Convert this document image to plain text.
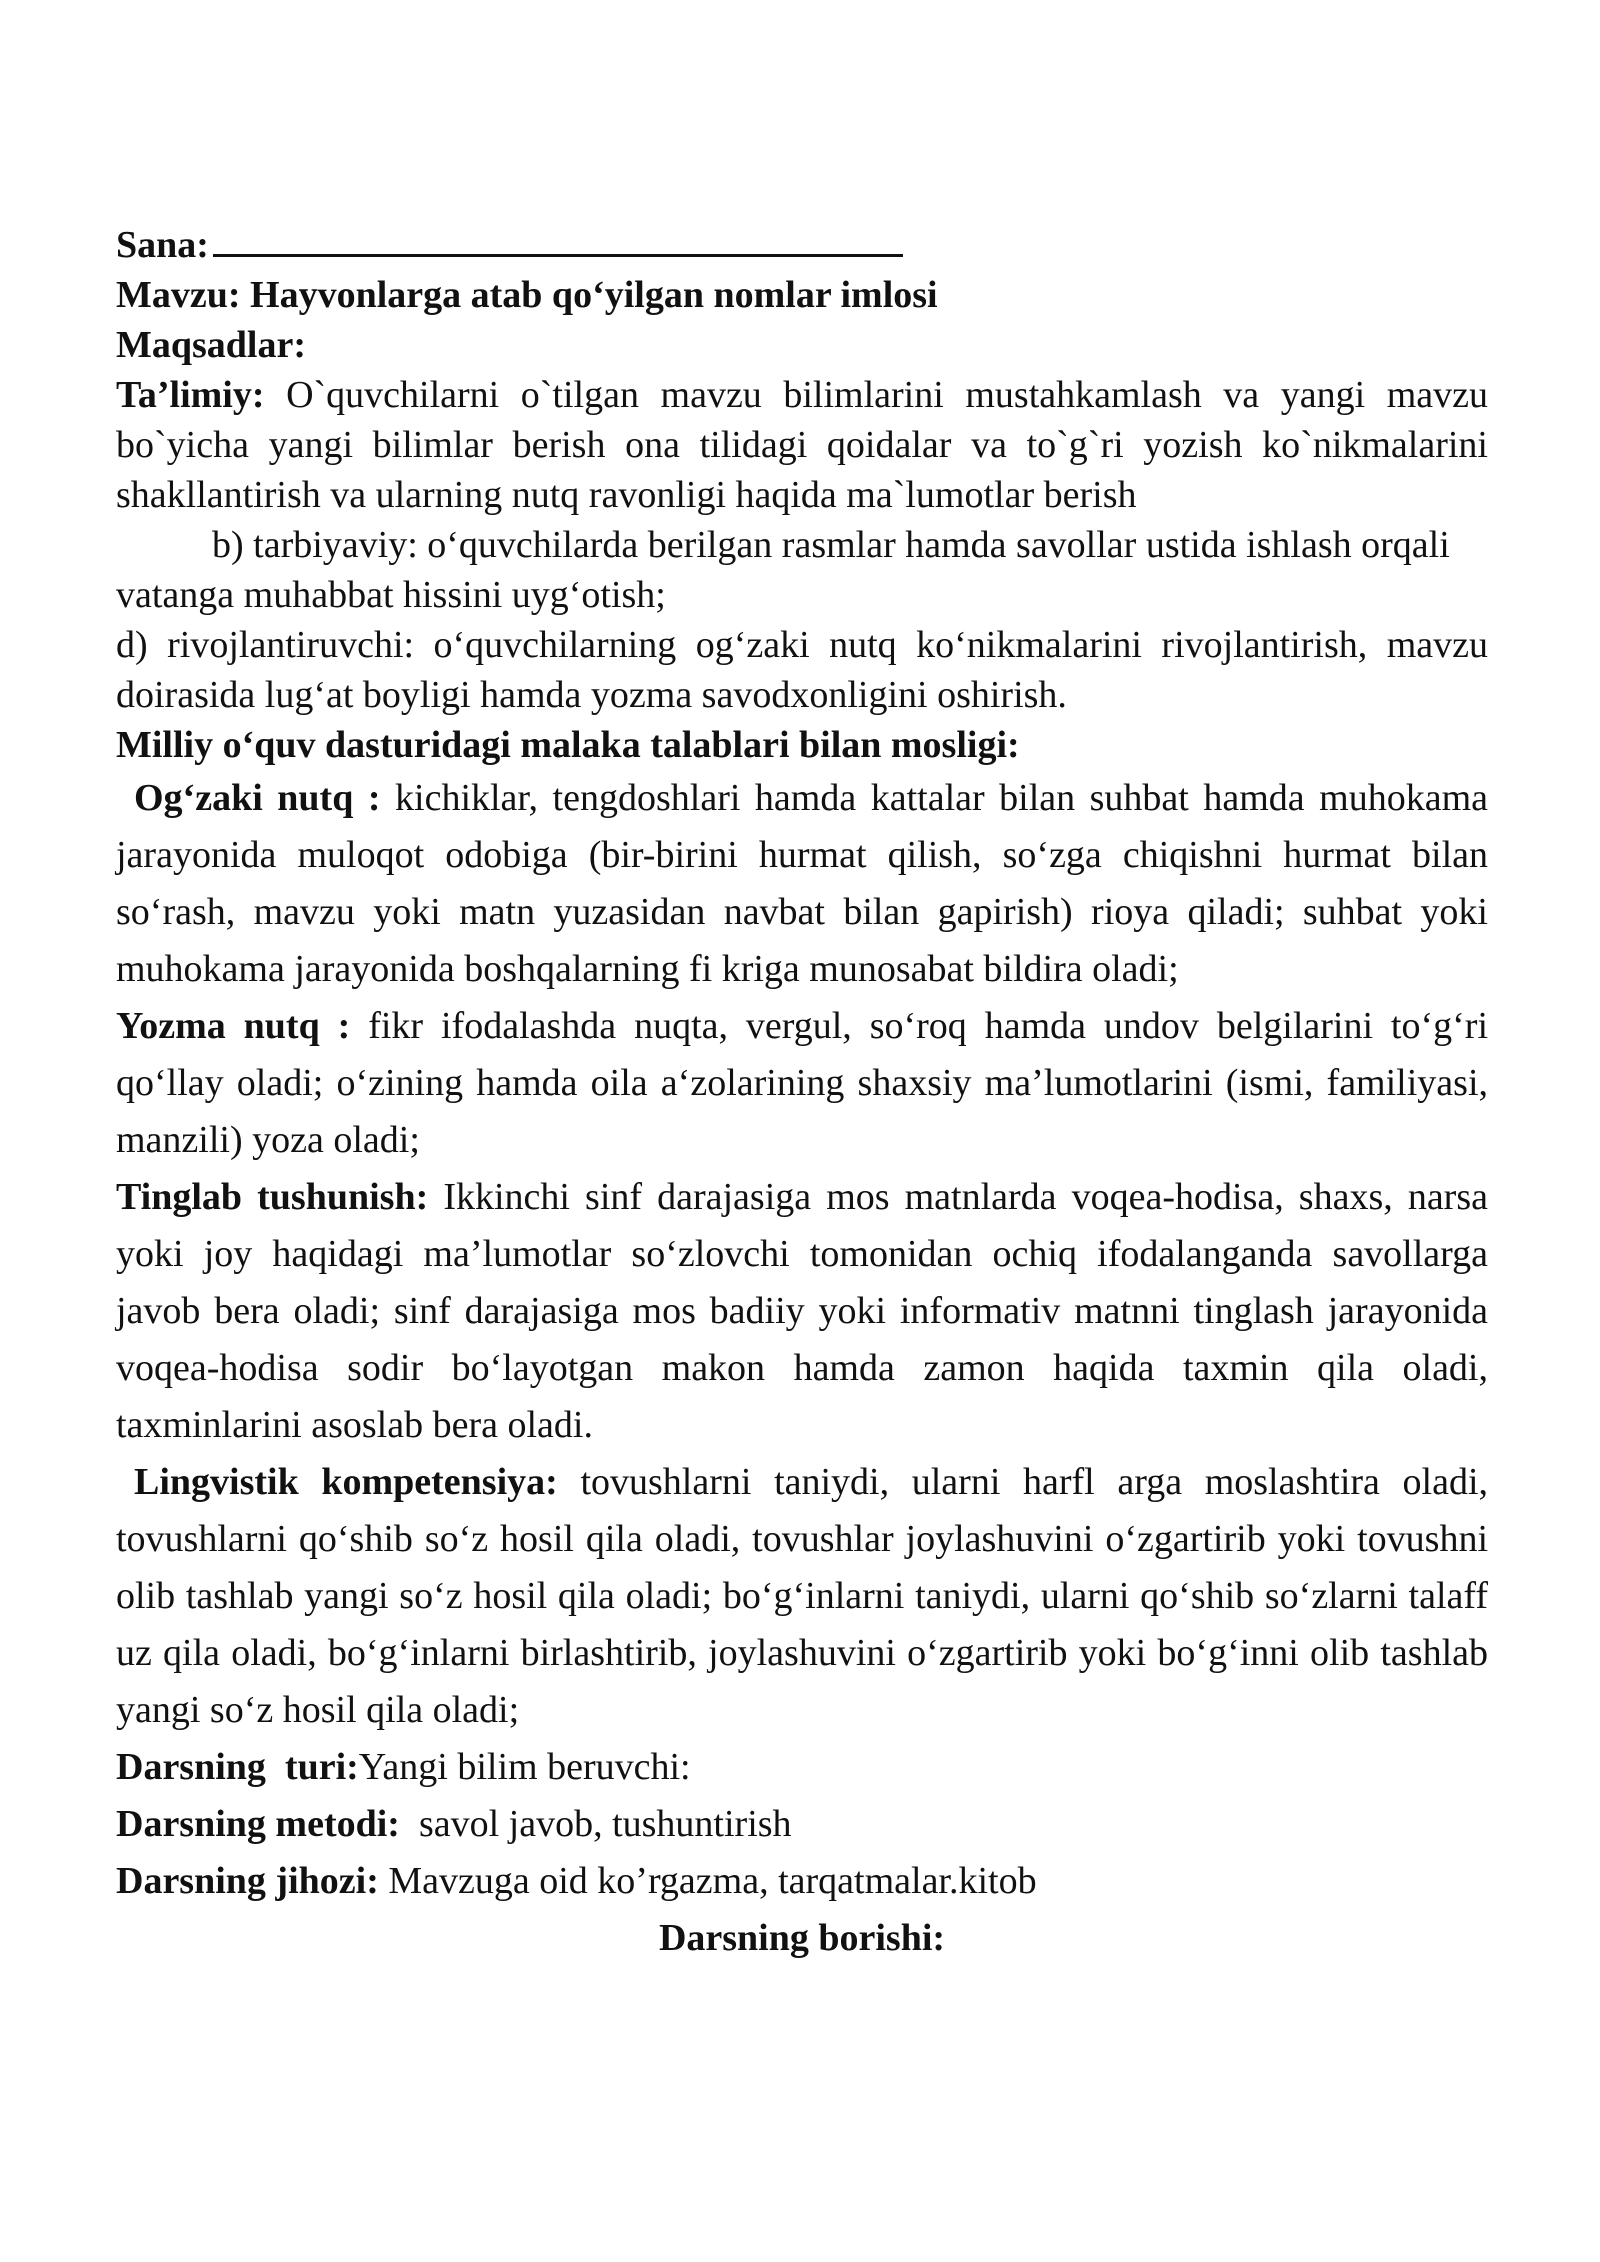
Sana:

Mavzu: Hayvonlarga atab qo‘yilgan nomlar imlosi

Maqsadlar:

Ta’limiy: O`quvchilarni o`tilgan mavzu bilimlarini mustahkamlash va yangi mavzu bo`yicha yangi bilimlar berish ona tilidagi qoidalar va to`g`ri yozish ko`nikmalarini shakllantirish va ularning nutq ravonligi haqida ma`lumotlar berish

b) tarbiyaviy: o‘quvchilarda berilgan rasmlar hamda savollar ustida ishlash orqali vatanga muhabbat hissini uyg‘otish;

d) rivojlantiruvchi: o‘quvchilarning og‘zaki nutq ko‘nikmalarini rivojlantirish, mavzu doirasida lug‘at boyligi hamda yozma savodxonligini oshirish.

Milliy o‘quv dasturidagi malaka talablari bilan mosligi:

Og‘zaki nutq : kichiklar, tengdoshlari hamda kattalar bilan suhbat hamda muhokama jarayonida muloqot odobiga (bir-birini hurmat qilish, so‘zga chiqishni hurmat bilan so‘rash, mavzu yoki matn yuzasidan navbat bilan gapirish) rioya qiladi; suhbat yoki muhokama jarayonida boshqalarning fi kriga munosabat bildira oladi;

Yozma nutq : fikr ifodalashda nuqta, vergul, so‘roq hamda undov belgilarini to‘g‘ri qo‘llay oladi; o‘zining hamda oila a‘zolarining shaxsiy ma’lumotlarini (ismi, familiyasi, manzili) yoza oladi;

Tinglab tushunish: Ikkinchi sinf darajasiga mos matnlarda voqea-hodisa, shaxs, narsa yoki joy haqidagi ma’lumotlar so‘zlovchi tomonidan ochiq ifodalanganda savollarga javob bera oladi; sinf darajasiga mos badiiy yoki informativ matnni tinglash jarayonida voqea-hodisa sodir bo‘layotgan makon hamda zamon haqida taxmin qila oladi, taxminlarini asoslab bera oladi.

Lingvistik kompetensiya: tovushlarni taniydi, ularni harfl arga moslashtira oladi, tovushlarni qo‘shib so‘z hosil qila oladi, tovushlar joylashuvini o‘zgartirib yoki tovushni olib tashlab yangi so‘z hosil qila oladi; bo‘g‘inlarni taniydi, ularni qo‘shib so‘zlarni talaff uz qila oladi, bo‘g‘inlarni birlashtirib, joylashuvini o‘zgartirib yoki bo‘g‘inni olib tashlab yangi so‘z hosil qila oladi;

Darsning  turi:Yangi bilim beruvchi:

Darsning metodi:  savol javob, tushuntirish

Darsning jihozi: Mavzuga oid ko’rgazma, tarqatmalar.kitob

Darsning borishi:
